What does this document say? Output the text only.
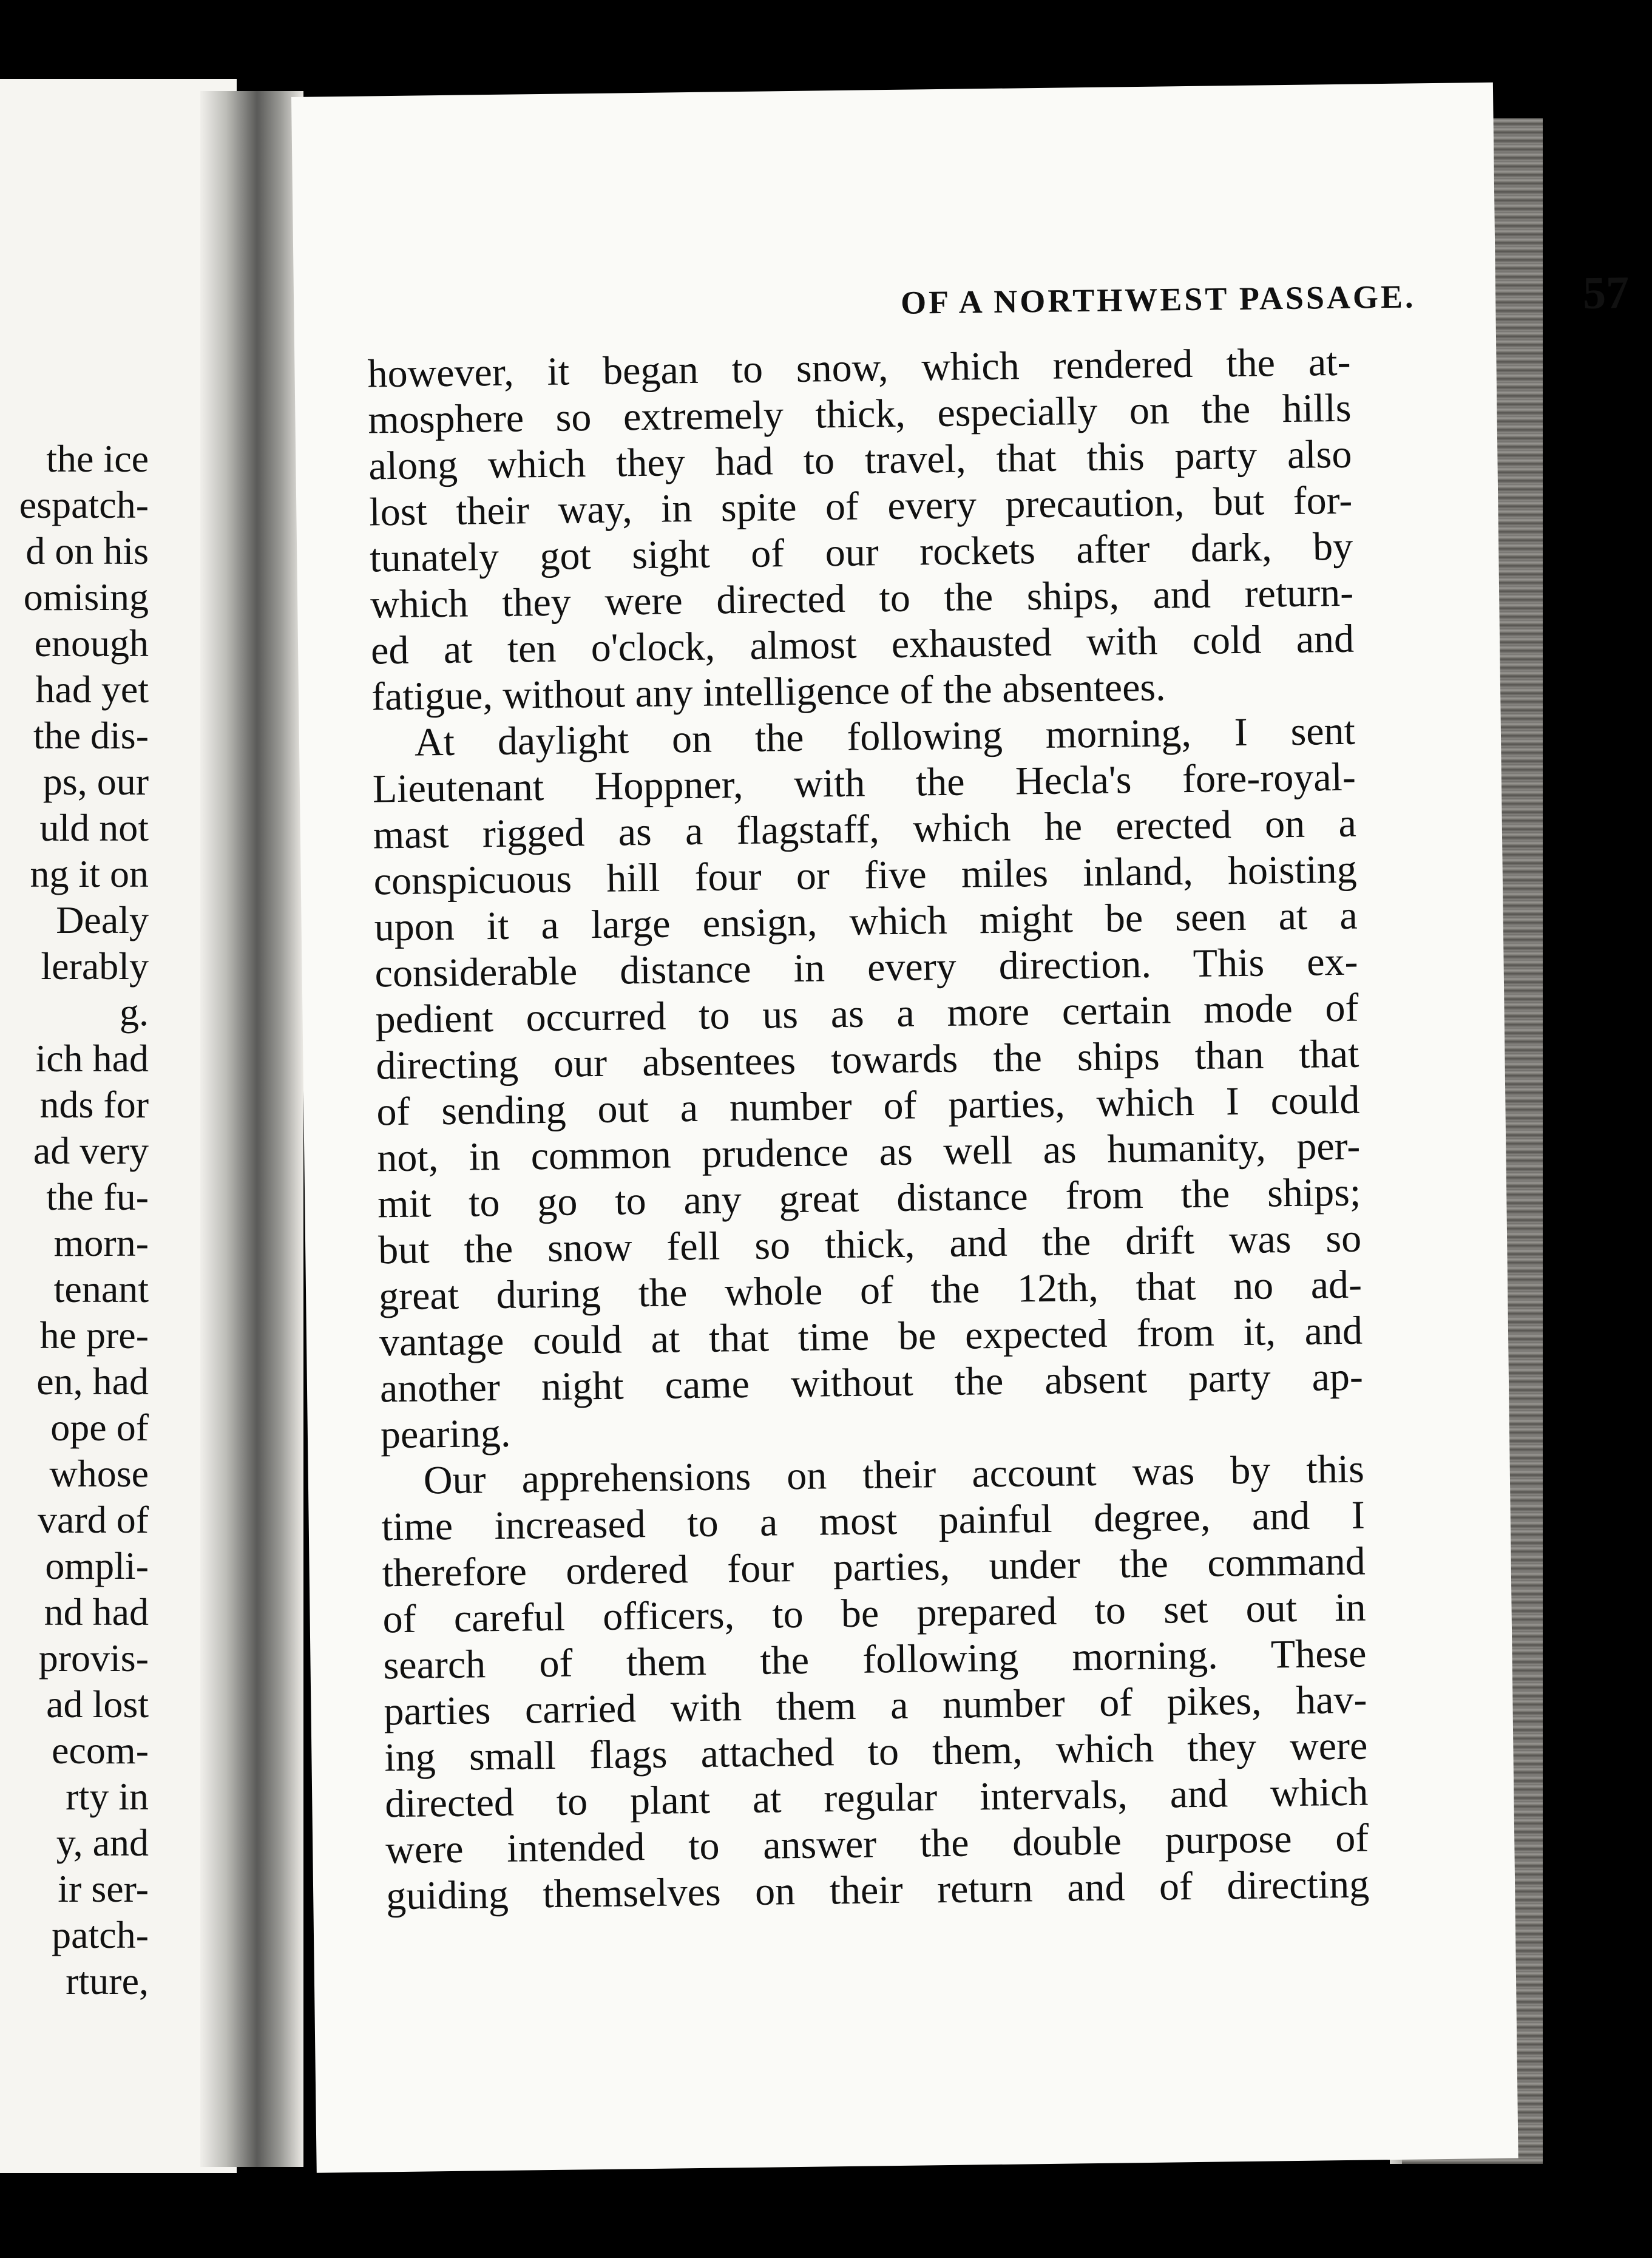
the ice
espatch-
d on his
omising
enough
had yet
the dis-
ps, our
uld not
ng it on
Dealy
lerably
g.
ich had
nds for
ad very
the fu-
morn-
tenant
he pre-
en, had
ope of
whose
vard of
ompli-
nd had
provis-
ad lost
ecom-
rty in
y, and
ir ser-
patch-
rture,
OF A NORTHWEST PASSAGE.	57
however, it began to snow, which rendered the at-
mosphere so extremely thick, especially on the hills
along which they had to travel, that this party also
lost their way, in spite of every precaution, but for-
tunately got sight of our rockets after dark, by
which they were directed to the ships, and return-
ed at ten o'clock, almost exhausted with cold and
fatigue, without any intelligence of the absentees.
At daylight on the following morning, I sent
Lieutenant Hoppner, with the Hecla's fore-royal-
mast rigged as a flagstaff, which he erected on a
conspicuous hill four or five miles inland, hoisting
upon it a large ensign, which might be seen at a
considerable distance in every direction. This ex-
pedient occurred to us as a more certain mode of
directing our absentees towards the ships than that
of sending out a number of parties, which I could
not, in common prudence as well as humanity, per-
mit to go to any great distance from the ships;
but the snow fell so thick, and the drift was so
great during the whole of the 12th, that no ad-
vantage could at that time be expected from it, and
another night came without the absent party ap-
pearing.
Our apprehensions on their account was by this
time increased to a most painful degree, and I
therefore ordered four parties, under the command
of careful officers, to be prepared to set out in
search of them the following morning. These
parties carried with them a number of pikes, hav-
ing small flags attached to them, which they were
directed to plant at regular intervals, and which
were intended to answer the double purpose of
guiding themselves on their return and of directing
